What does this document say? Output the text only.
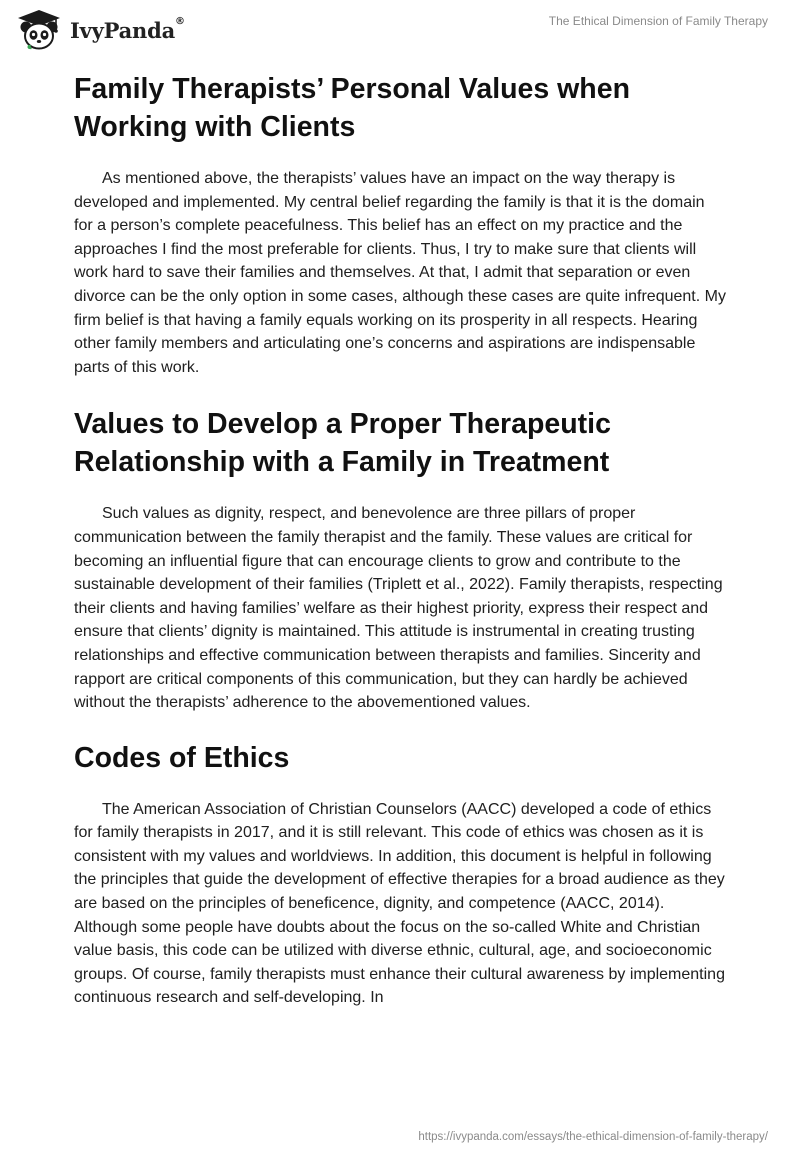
IvyPanda®	The Ethical Dimension of Family Therapy
Family Therapists’ Personal Values when Working with Clients

As mentioned above, the therapists’ values have an impact on the way therapy is developed and implemented. My central belief regarding the family is that it is the domain for a person’s complete peacefulness. This belief has an effect on my practice and the approaches I find the most preferable for clients. Thus, I try to make sure that clients will work hard to save their families and themselves. At that, I admit that separation or even divorce can be the only option in some cases, although these cases are quite infrequent. My firm belief is that having a family equals working on its prosperity in all respects. Hearing other family members and articulating one’s concerns and aspirations are indispensable parts of this work.

Values to Develop a Proper Therapeutic Relationship with a Family in Treatment

Such values as dignity, respect, and benevolence are three pillars of proper communication between the family therapist and the family. These values are critical for becoming an influential figure that can encourage clients to grow and contribute to the sustainable development of their families (Triplett et al., 2022). Family therapists, respecting their clients and having families’ welfare as their highest priority, express their respect and ensure that clients’ dignity is maintained. This attitude is instrumental in creating trusting relationships and effective communication between therapists and families. Sincerity and rapport are critical components of this communication, but they can hardly be achieved without the therapists’ adherence to the abovementioned values.

Codes of Ethics

The American Association of Christian Counselors (AACC) developed a code of ethics for family therapists in 2017, and it is still relevant. This code of ethics was chosen as it is consistent with my values and worldviews. In addition, this document is helpful in following the principles that guide the development of effective therapies for a broad audience as they are based on the principles of beneficence, dignity, and competence (AACC, 2014). Although some people have doubts about the focus on the so-called White and Christian value basis, this code can be utilized with diverse ethnic, cultural, age, and socioeconomic groups. Of course, family therapists must enhance their cultural awareness by implementing continuous research and self-developing. In

https://ivypanda.com/essays/the-ethical-dimension-of-family-therapy/
